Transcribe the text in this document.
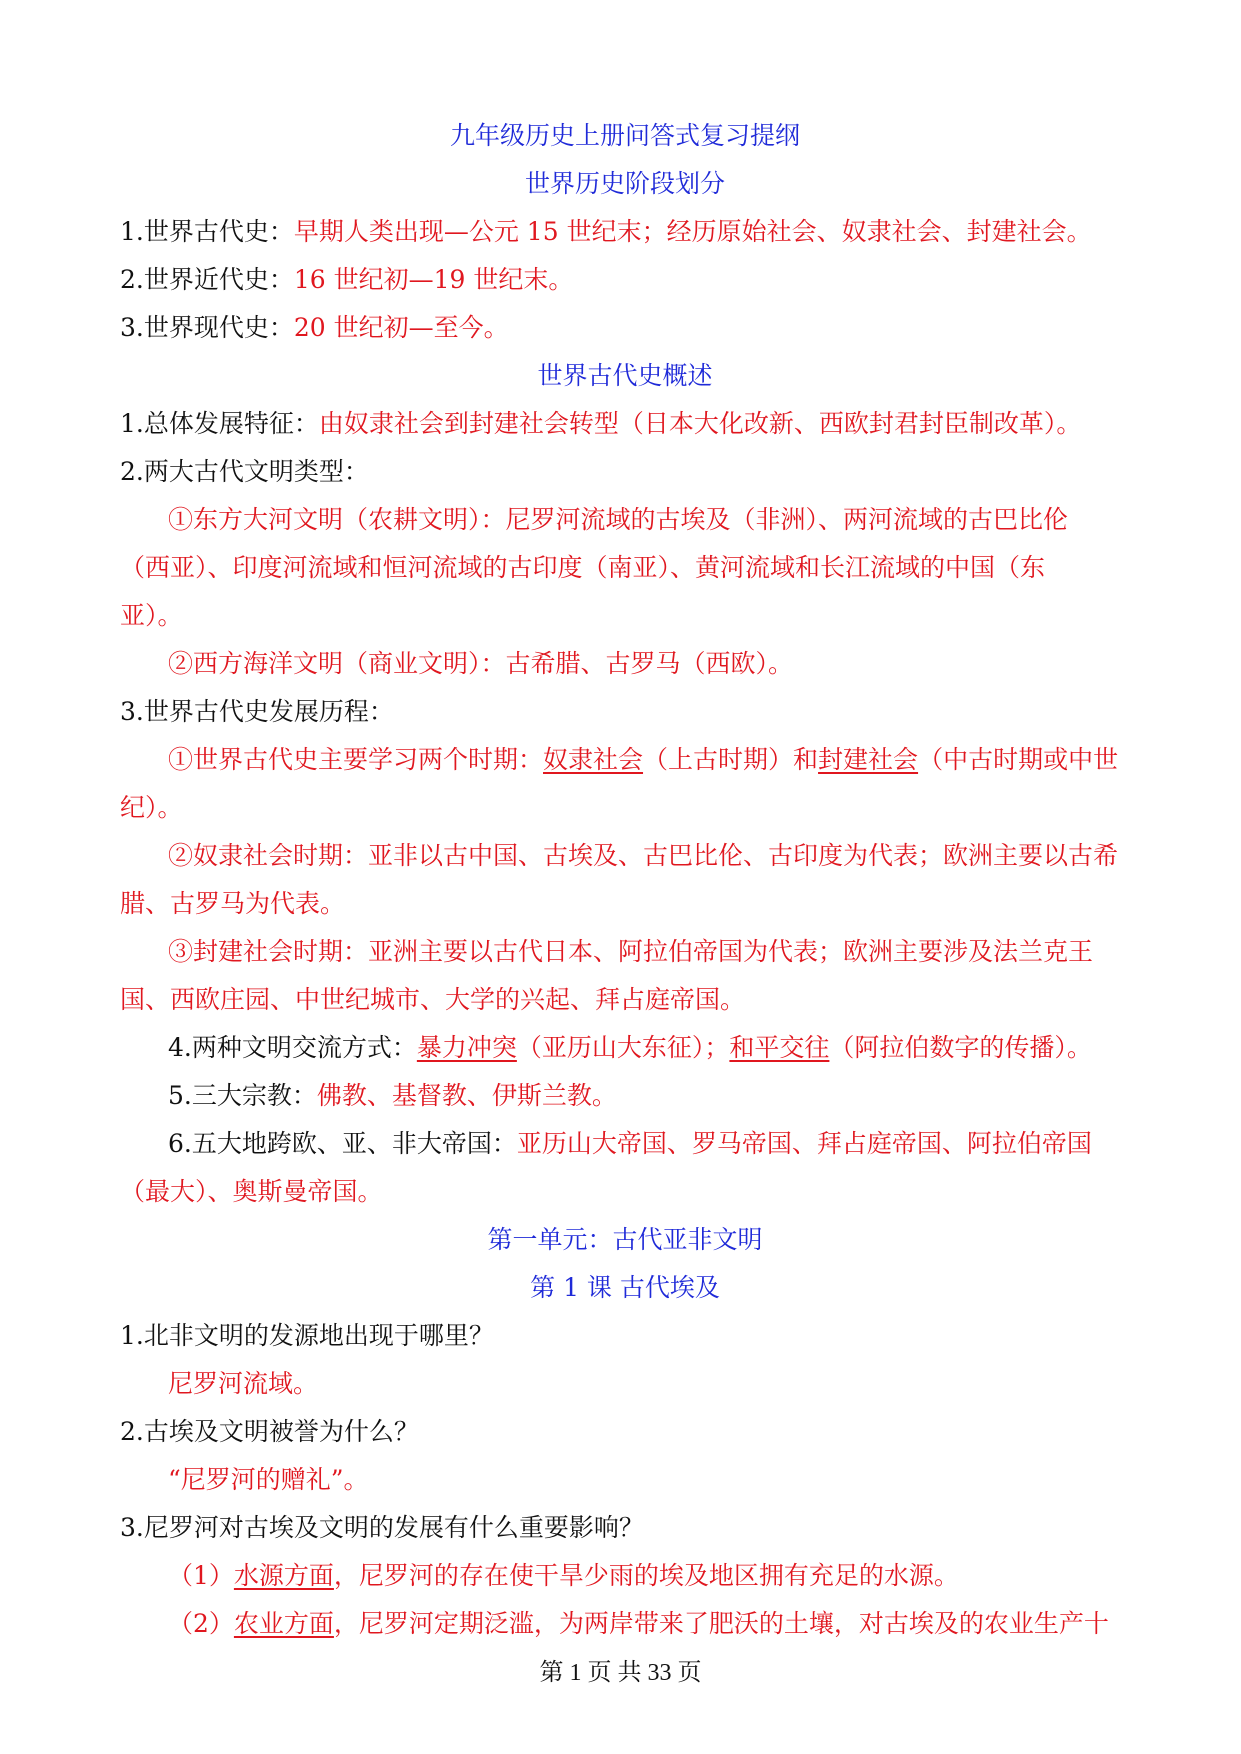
九年级历史上册问答式复习提纲
世界历史阶段划分
1.世界古代史：早期人类出现—公元 15 世纪末；经历原始社会、奴隶社会、封建社会。
2.世界近代史：16 世纪初—19 世纪末。
3.世界现代史：20 世纪初—至今。
世界古代史概述
1.总体发展特征：由奴隶社会到封建社会转型（日本大化改新、西欧封君封臣制改革）。
2.两大古代文明类型：
①东方大河文明（农耕文明）：尼罗河流域的古埃及（非洲）、两河流域的古巴比伦
（西亚）、印度河流域和恒河流域的古印度（南亚）、黄河流域和长江流域的中国（东
亚）。
②西方海洋文明（商业文明）：古希腊、古罗马（西欧）。
3.世界古代史发展历程：
①世界古代史主要学习两个时期：奴隶社会（上古时期）和封建社会（中古时期或中世
纪）。
②奴隶社会时期：亚非以古中国、古埃及、古巴比伦、古印度为代表；欧洲主要以古希
腊、古罗马为代表。
③封建社会时期：亚洲主要以古代日本、阿拉伯帝国为代表；欧洲主要涉及法兰克王
国、西欧庄园、中世纪城市、大学的兴起、拜占庭帝国。
4.两种文明交流方式：暴力冲突（亚历山大东征）；和平交往（阿拉伯数字的传播）。
5.三大宗教：佛教、基督教、伊斯兰教。
6.五大地跨欧、亚、非大帝国：亚历山大帝国、罗马帝国、拜占庭帝国、阿拉伯帝国
（最大）、奥斯曼帝国。
第一单元：古代亚非文明
第 1 课 古代埃及
1.北非文明的发源地出现于哪里？
尼罗河流域。
2.古埃及文明被誉为什么？
“尼罗河的赠礼”。
3.尼罗河对古埃及文明的发展有什么重要影响？
（1）水源方面，尼罗河的存在使干旱少雨的埃及地区拥有充足的水源。
（2）农业方面，尼罗河定期泛滥，为两岸带来了肥沃的土壤，对古埃及的农业生产十
第 1 页 共 33 页
